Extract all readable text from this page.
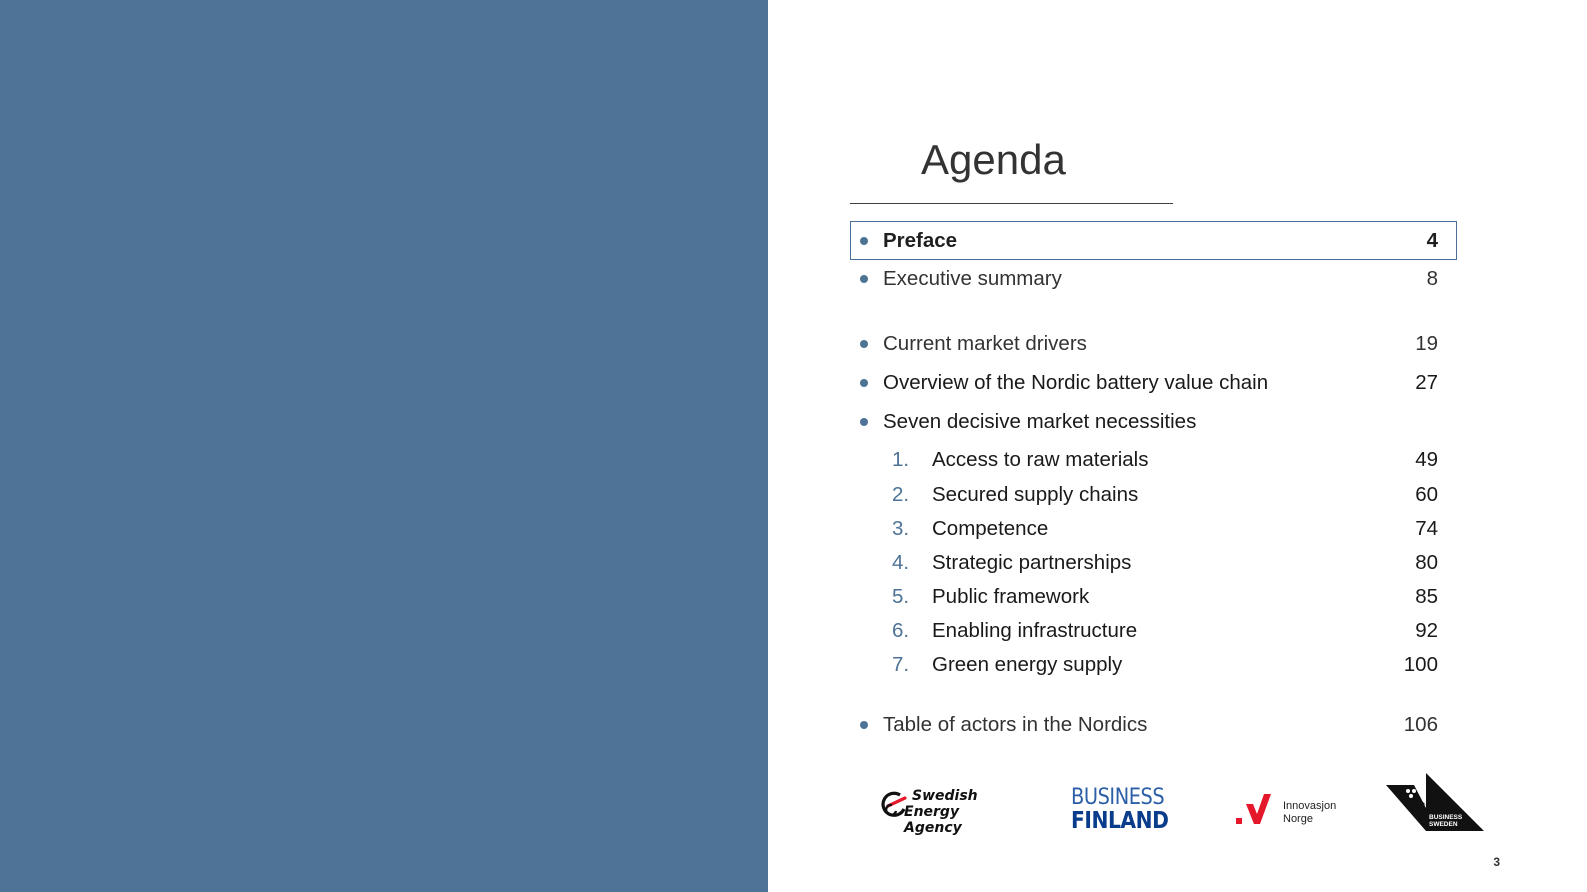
Agenda
Preface	4
Executive summary	8
Current market drivers	19
Overview of the Nordic battery value chain	27
Seven decisive market necessities
1. Access to raw materials	49
2. Secured supply chains	60
3. Competence	74
4. Strategic partnerships	80
5. Public framework	85
6. Enabling infrastructure	92
7. Green energy supply	100
Table of actors in the Nordics	106
Swedish
Energy Agency
BUSINESS
FINLAND
Innovasjon
Norge	BUSINESS
SWEDEN
3
